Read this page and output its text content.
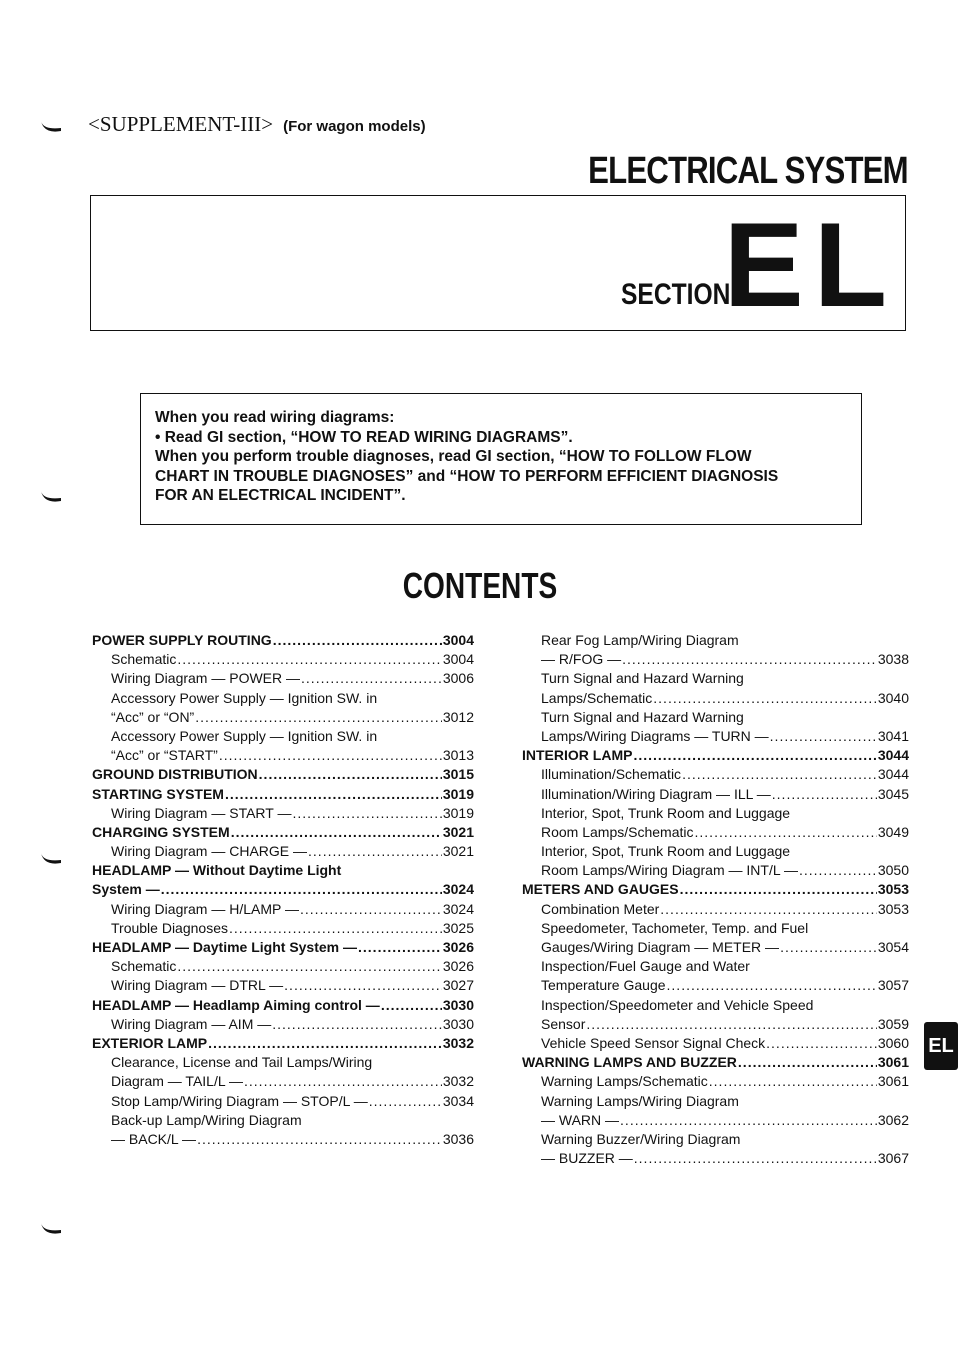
<SUPPLEMENT-III> (For wagon models)
ELECTRICAL SYSTEM
SECTION
EL

When you read wiring diagrams:

• Read GI section, “HOW TO READ WIRING DIAGRAMS”.

When you perform trouble diagnoses, read GI section, “HOW TO FOLLOW FLOW

CHART IN TROUBLE DIAGNOSES” and “HOW TO PERFORM EFFICIENT DIAGNOSIS

FOR AN ELECTRICAL INCIDENT”.

CONTENTS
POWER SUPPLY ROUTING .....	3004
Schematic .....	3004
Wiring Diagram — POWER — .....	3006
Accessory Power Supply — Ignition SW. in
“Acc” or “ON” .....	3012
Accessory Power Supply — Ignition SW. in
“Acc” or “START” .....	3013
GROUND DISTRIBUTION .....	3015
STARTING SYSTEM .....	3019
Wiring Diagram — START — .....	3019
CHARGING SYSTEM .....	3021
Wiring Diagram — CHARGE — .....	3021
HEADLAMP — Without Daytime Light
System — .....	3024
Wiring Diagram — H/LAMP — .....	3024
Trouble Diagnoses .....	3025
HEADLAMP — Daytime Light System — .....	3026
Schematic .....	3026
Wiring Diagram — DTRL — .....	3027
HEADLAMP — Headlamp Aiming control — .....	3030
Wiring Diagram — AIM — .....	3030
EXTERIOR LAMP .....	3032
Clearance, License and Tail Lamps/Wiring
Diagram — TAIL/L — .....	3032
Stop Lamp/Wiring Diagram — STOP/L — .....	3034
Back-up Lamp/Wiring Diagram
— BACK/L — .....	3036
Rear Fog Lamp/Wiring Diagram
— R/FOG — .....	3038
Turn Signal and Hazard Warning
Lamps/Schematic .....	3040
Turn Signal and Hazard Warning
Lamps/Wiring Diagrams — TURN — .....	3041
INTERIOR LAMP .....	3044
Illumination/Schematic .....	3044
Illumination/Wiring Diagram — ILL — .....	3045
Interior, Spot, Trunk Room and Luggage
Room Lamps/Schematic .....	3049
Interior, Spot, Trunk Room and Luggage
Room Lamps/Wiring Diagram — INT/L — .....	3050
METERS AND GAUGES .....	3053
Combination Meter .....	3053
Speedometer, Tachometer, Temp. and Fuel
Gauges/Wiring Diagram — METER — .....	3054
Inspection/Fuel Gauge and Water
Temperature Gauge .....	3057
Inspection/Speedometer and Vehicle Speed
Sensor .....	3059
Vehicle Speed Sensor Signal Check .....	3060
WARNING LAMPS AND BUZZER .....	3061
Warning Lamps/Schematic .....	3061
Warning Lamps/Wiring Diagram
— WARN — .....	3062
Warning Buzzer/Wiring Diagram
— BUZZER — .....	3067
EL
